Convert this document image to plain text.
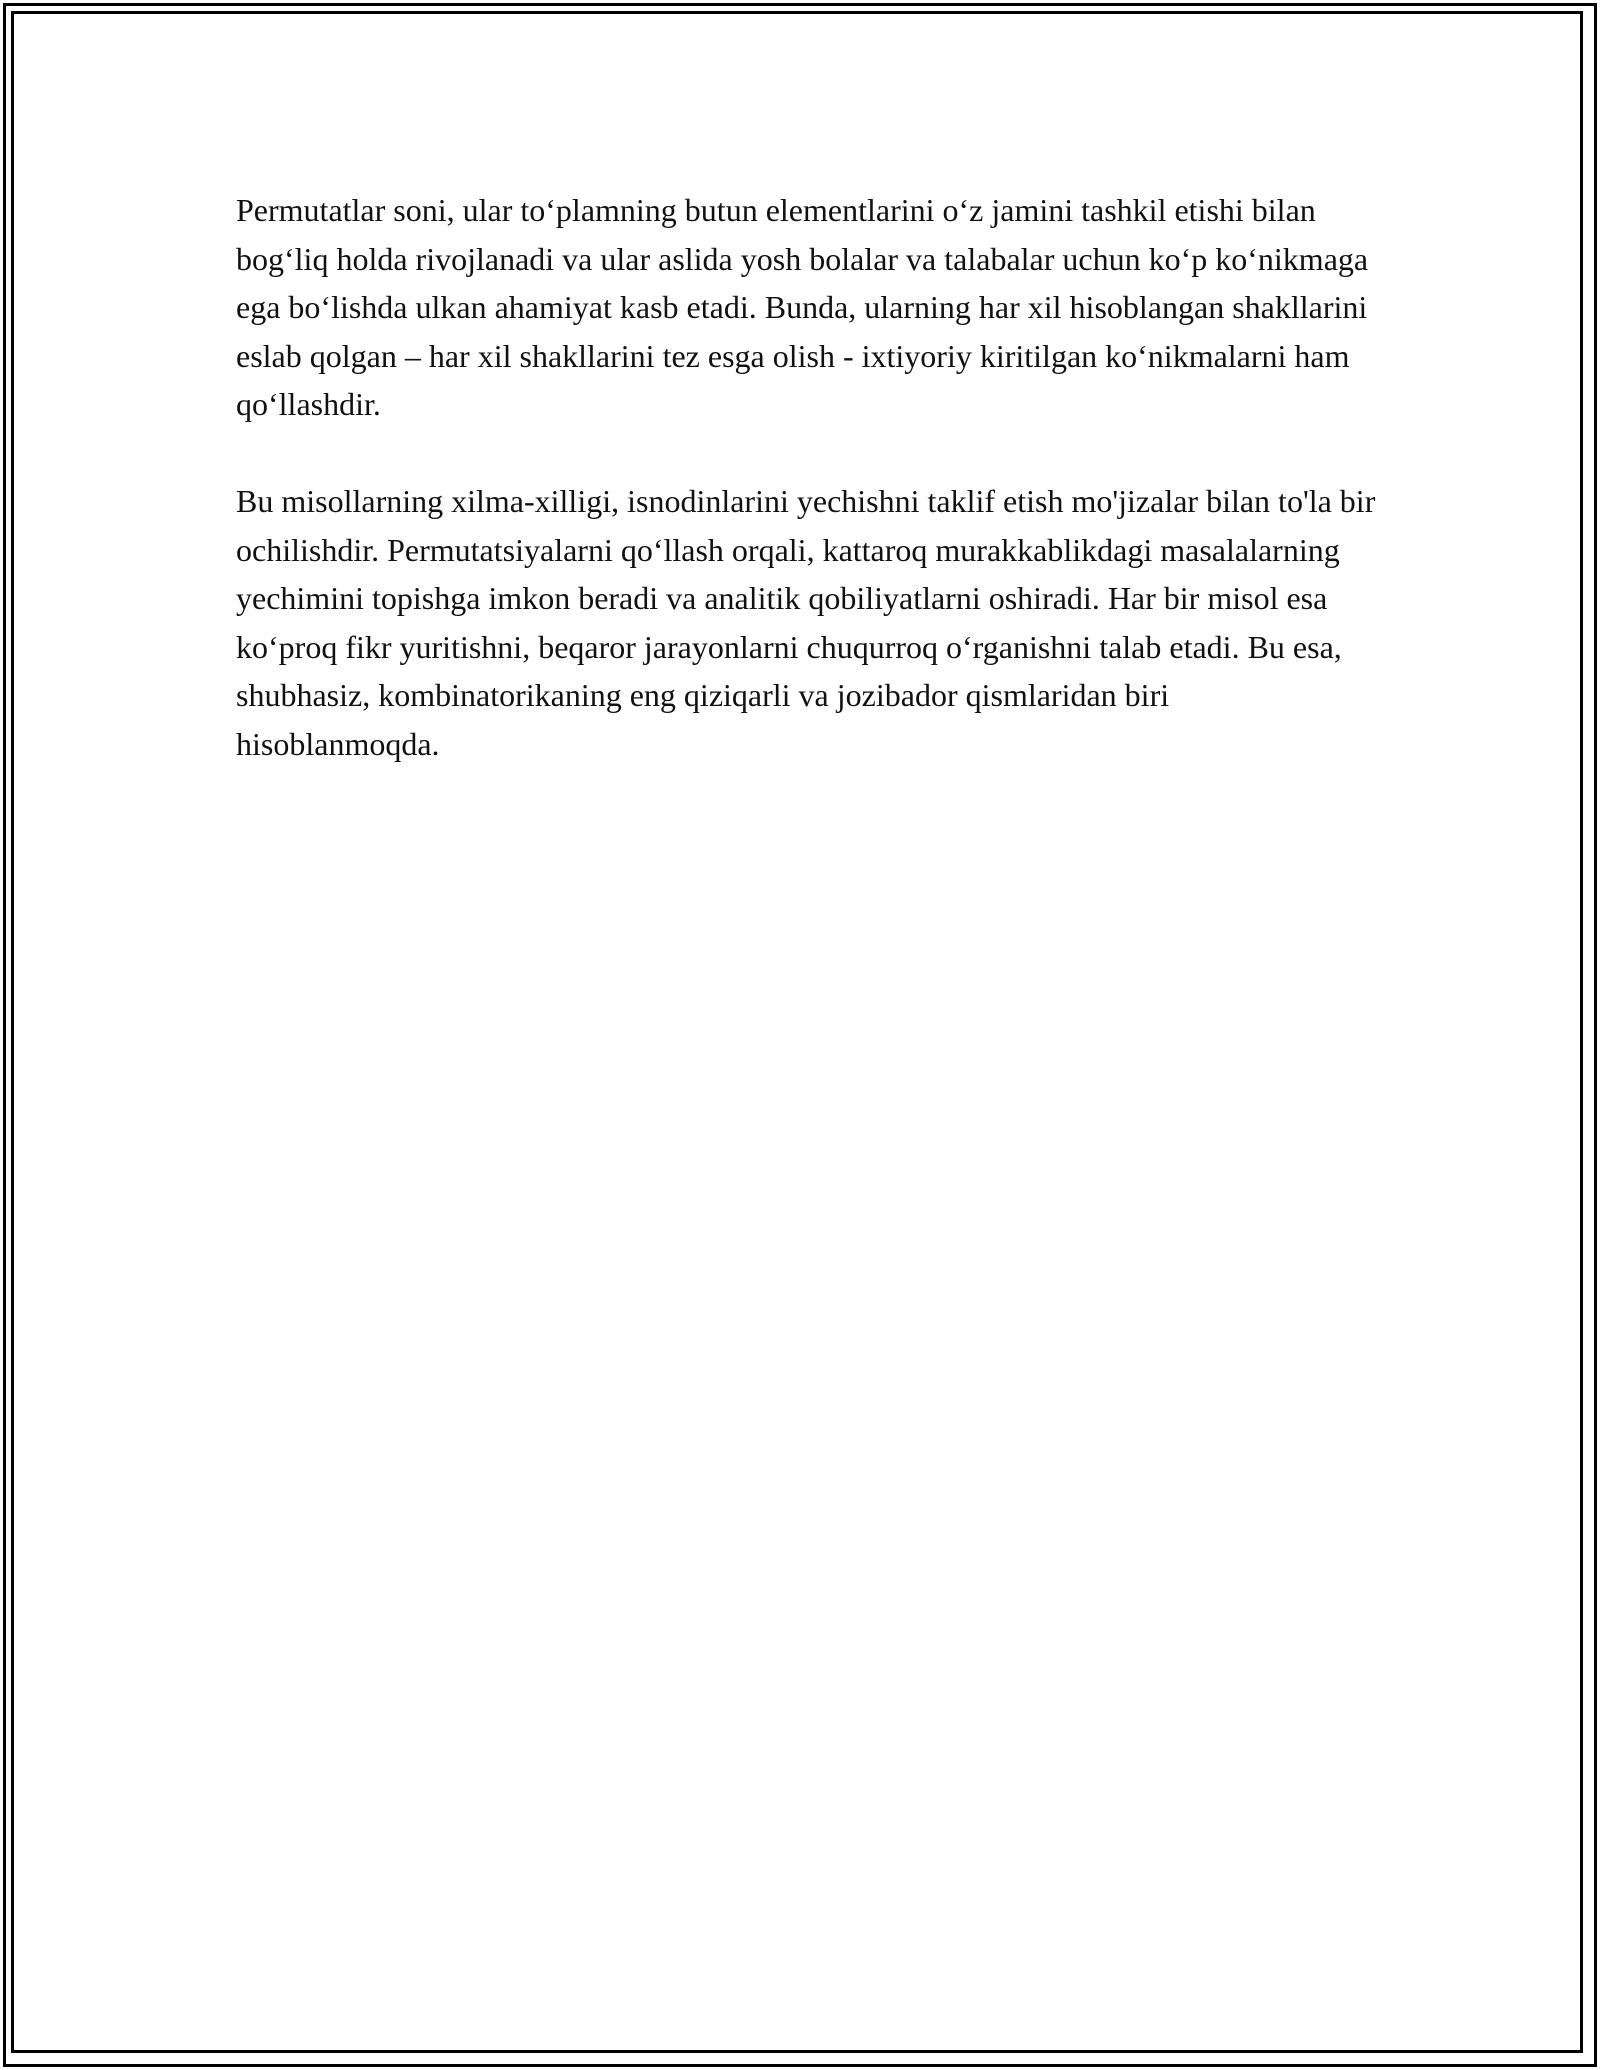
Permutatlar soni, ular to‘plamning butun elementlarini o‘z jamini tashkil etishi bilan bog‘liq holda rivojlanadi va ular aslida yosh bolalar va talabalar uchun ko‘p ko‘nikmaga ega bo‘lishda ulkan ahamiyat kasb etadi. Bunda, ularning har xil hisoblangan shakllarini eslab qolgan – har xil shakllarini tez esga olish - ixtiyoriy kiritilgan ko‘nikmalarni ham qo‘llashdir.

Bu misollarning xilma-xilligi, isnodinlarini yechishni taklif etish mo'jizalar bilan to'la bir ochilishdir. Permutatsiyalarni qo‘llash orqali, kattaroq murakkablikdagi masalalarning yechimini topishga imkon beradi va analitik qobiliyatlarni oshiradi. Har bir misol esa ko‘proq fikr yuritishni, beqaror jarayonlarni chuqurroq o‘rganishni talab etadi. Bu esa, shubhasiz, kombinatorikaning eng qiziqarli va jozibador qismlaridan biri hisoblanmoqda.
